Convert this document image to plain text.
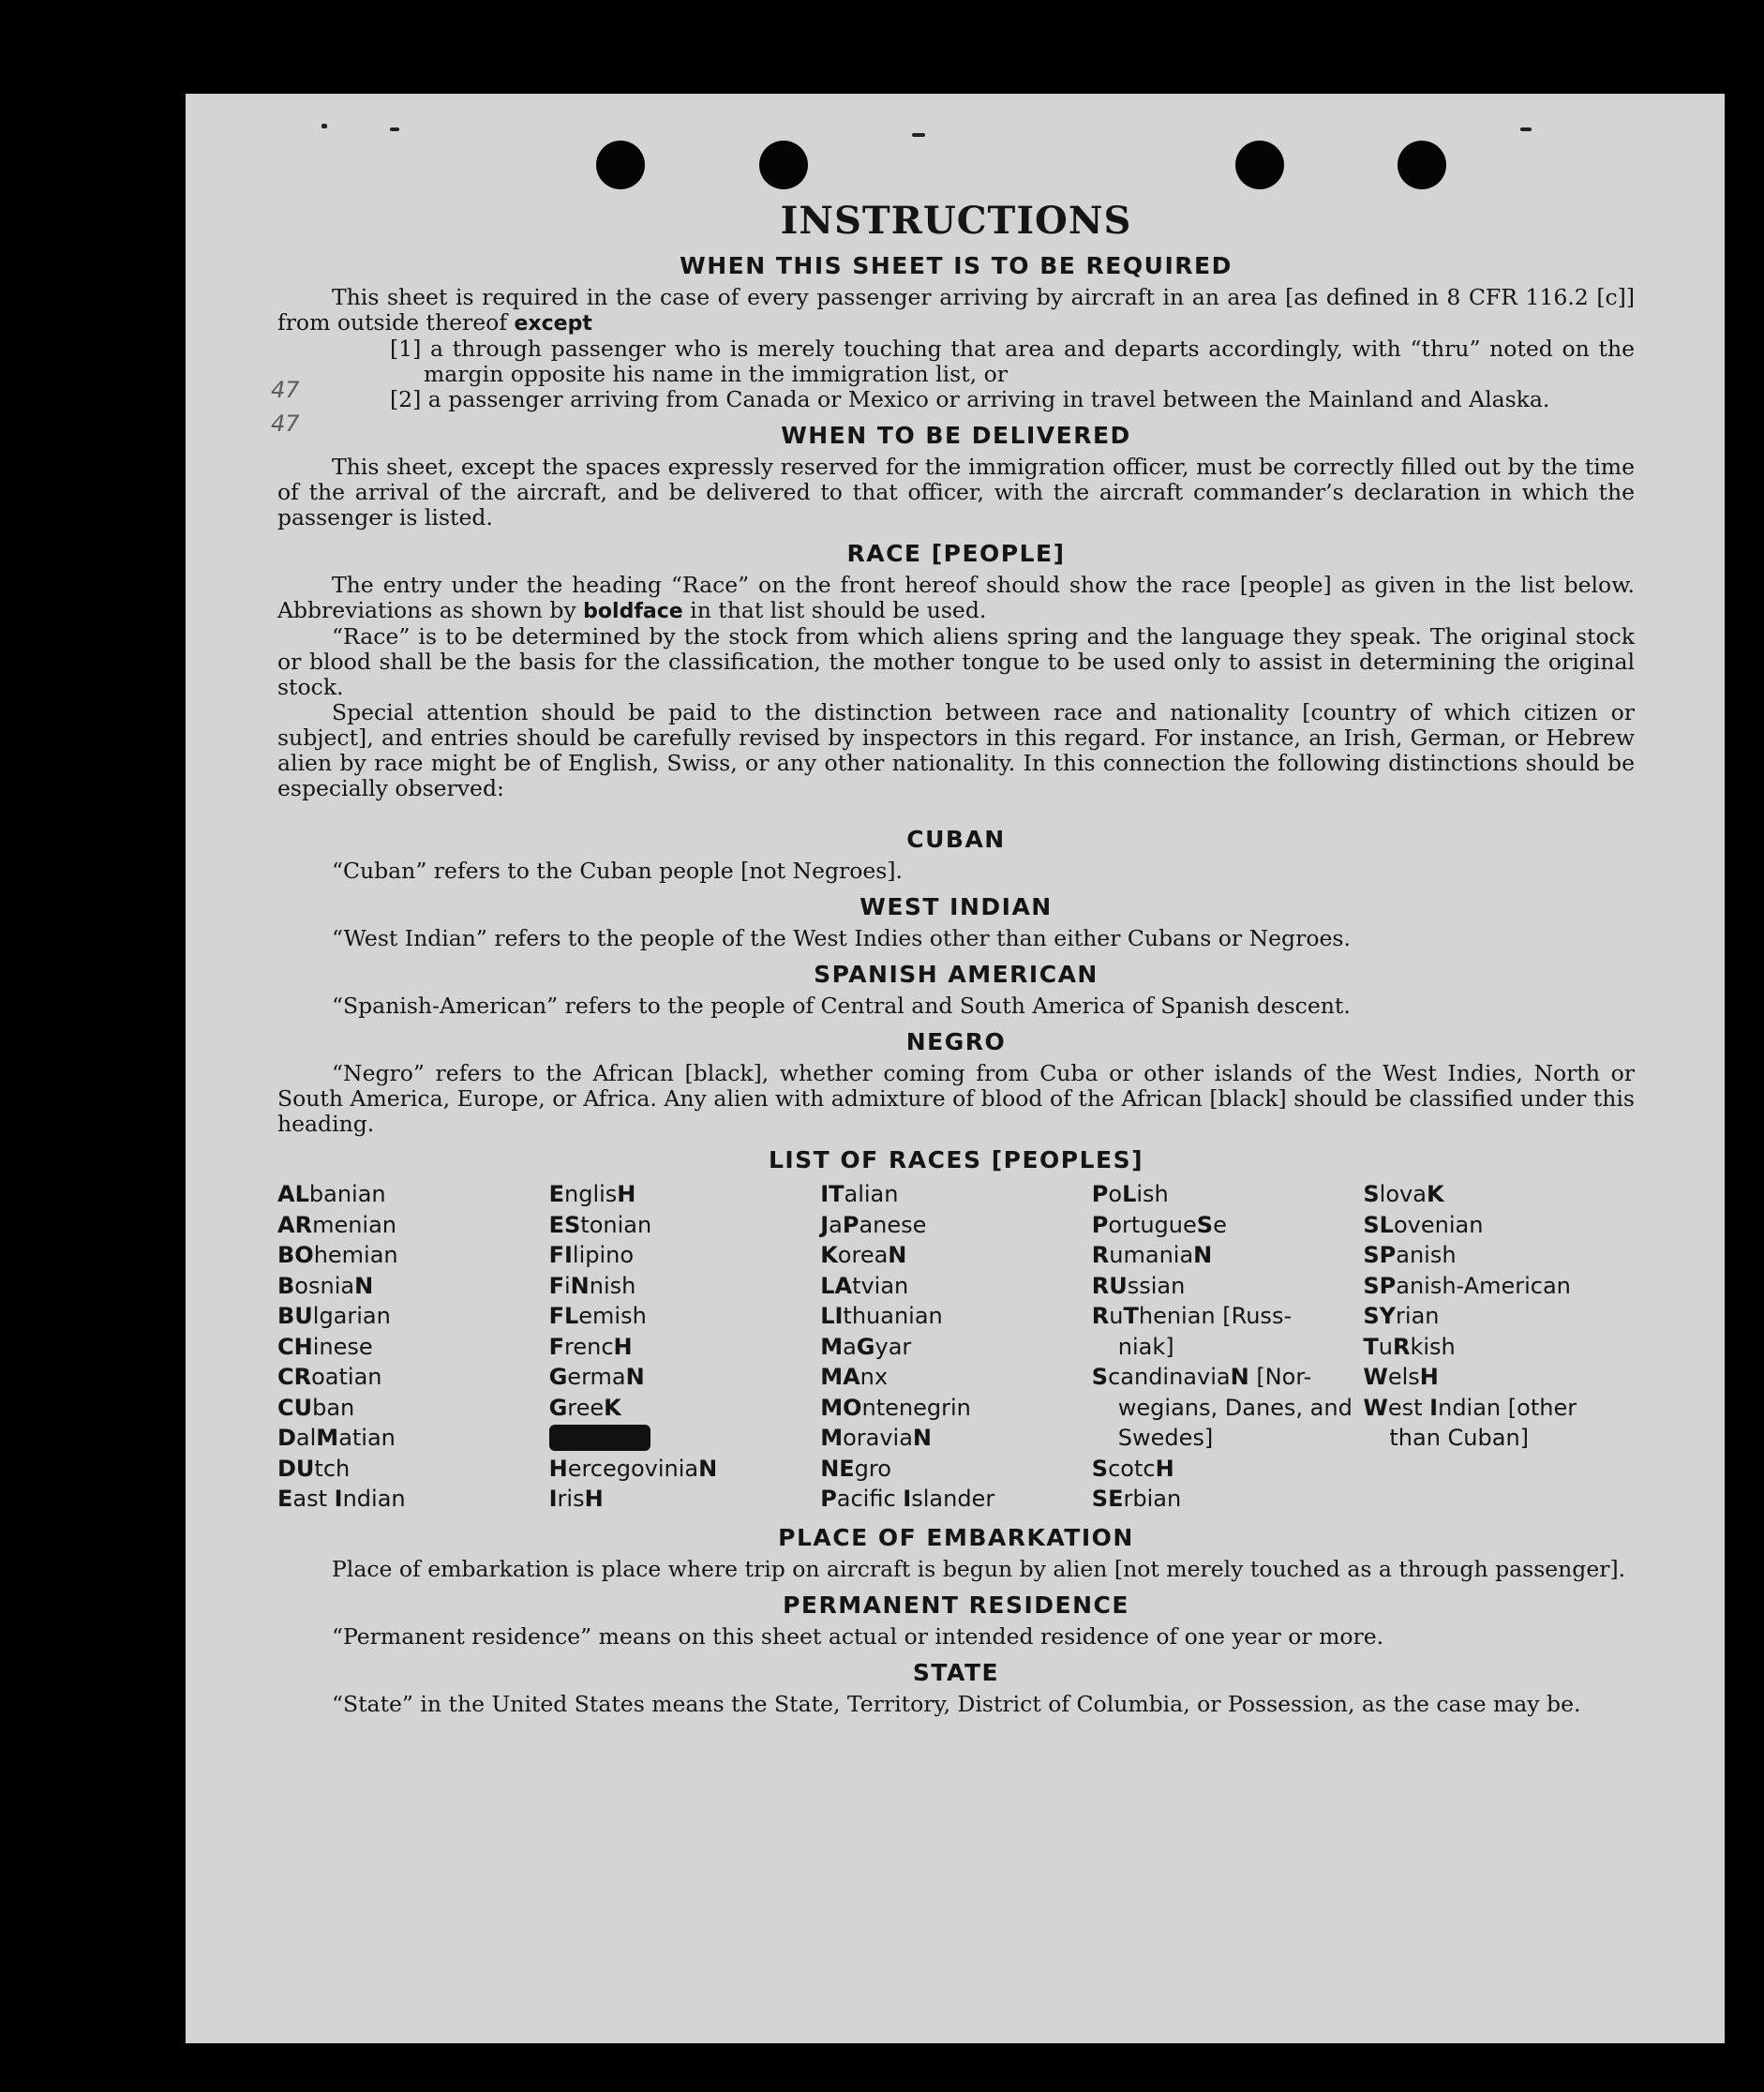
47
47
INSTRUCTIONS
WHEN THIS SHEET IS TO BE REQUIRED

This sheet is required in the case of every passenger arriving by aircraft in an area [as defined in 8 CFR 116.2 [c]] from outside thereof except

[1] a through passenger who is merely touching that area and departs accordingly, with “thru” noted on the margin opposite his name in the immigration list, or

[2] a passenger arriving from Canada or Mexico or arriving in travel between the Mainland and Alaska.

WHEN TO BE DELIVERED

This sheet, except the spaces expressly reserved for the immigration officer, must be correctly filled out by the time of the arrival of the aircraft, and be delivered to that officer, with the aircraft commander’s declaration in which the passenger is listed.

RACE [PEOPLE]

The entry under the heading “Race” on the front hereof should show the race [people] as given in the list below. Abbreviations as shown by boldface in that list should be used.

“Race” is to be determined by the stock from which aliens spring and the language they speak. The original stock or blood shall be the basis for the classification, the mother tongue to be used only to assist in determining the original stock.

Special attention should be paid to the distinction between race and nationality [country of which citizen or subject], and entries should be carefully revised by inspectors in this regard. For instance, an Irish, German, or Hebrew alien by race might be of English, Swiss, or any other nationality. In this connection the following distinctions should be especially observed:

CUBAN

“Cuban” refers to the Cuban people [not Negroes].

WEST INDIAN

“West Indian” refers to the people of the West Indies other than either Cubans or Negroes.

SPANISH AMERICAN

“Spanish-American” refers to the people of Central and South America of Spanish descent.

NEGRO

“Negro” refers to the African [black], whether coming from Cuba or other islands of the West Indies, North or South America, Europe, or Africa. Any alien with admixture of blood of the African [black] should be classified under this heading.

LIST OF RACES [PEOPLES]
ALbanian
ARmenian
BOhemian
BosniaN
BUlgarian
CHinese
CRoatian
CUban
DalMatian
DUtch
East Indian
EnglisH
EStonian
FIlipino
FiNnish
FLemish
FrencH
GermaN
GreeK
HebreW
HercegoviniaN
IrisH
ITalian
JaPanese
KoreaN
LAtvian
LIthuanian
MaGyar
MAnx
MOntenegrin
MoraviaN
NEgro
Pacific Islander
PoLish
PortugueSe
RumaniaN
RUssian
RuThenian [Russ-
niak]
ScandinaviaN [Nor-
wegians, Danes, and Swedes]
ScotcH
SErbian
SlovaK
SLovenian
SPanish
SPanish-American
SYrian
TuRkish
WelsH
West Indian [other
than Cuban]
PLACE OF EMBARKATION

Place of embarkation is place where trip on aircraft is begun by alien [not merely touched as a through passenger].

PERMANENT RESIDENCE

“Permanent residence” means on this sheet actual or intended residence of one year or more.

STATE

“State” in the United States means the State, Territory, District of Columbia, or Possession, as the case may be.
